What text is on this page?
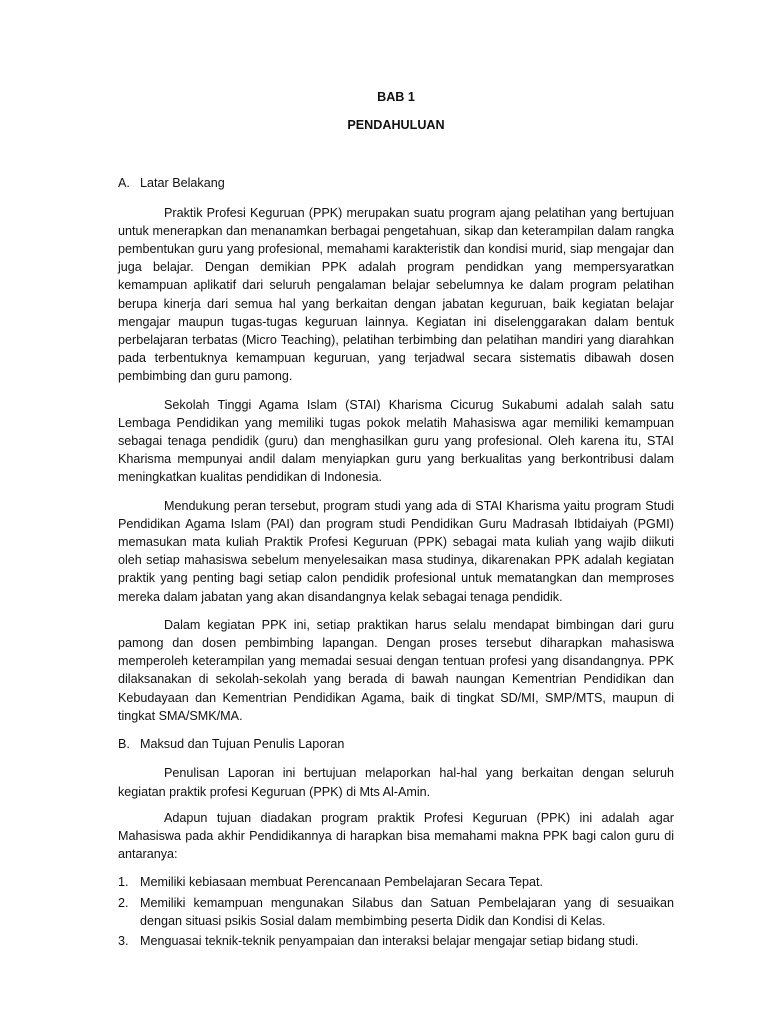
BAB 1

PENDAHULUAN

A. Latar Belakang

Praktik Profesi Keguruan (PPK) merupakan suatu program ajang pelatihan yang bertujuan untuk menerapkan dan menanamkan berbagai pengetahuan, sikap dan keterampilan dalam rangka pembentukan guru yang profesional, memahami karakteristik dan kondisi murid, siap mengajar dan juga belajar. Dengan demikian PPK adalah program pendidkan yang mempersyaratkan kemampuan aplikatif dari seluruh pengalaman belajar sebelumnya ke dalam program pelatihan berupa kinerja dari semua hal yang berkaitan dengan jabatan keguruan, baik kegiatan belajar mengajar maupun tugas-tugas keguruan lainnya. Kegiatan ini diselenggarakan dalam bentuk perbelajaran terbatas (Micro Teaching), pelatihan terbimbing dan pelatihan mandiri yang diarahkan pada terbentuknya kemampuan keguruan, yang terjadwal secara sistematis dibawah dosen pembimbing dan guru pamong.

Sekolah Tinggi Agama Islam (STAI) Kharisma Cicurug Sukabumi adalah salah satu Lembaga Pendidikan yang memiliki tugas pokok melatih Mahasiswa agar memiliki kemampuan sebagai tenaga pendidik (guru) dan menghasilkan guru yang profesional. Oleh karena itu, STAI Kharisma mempunyai andil dalam menyiapkan guru yang berkualitas yang berkontribusi dalam meningkatkan kualitas pendidikan di Indonesia.

Mendukung peran tersebut, program studi yang ada di STAI Kharisma yaitu program Studi Pendidikan Agama Islam (PAI) dan program studi Pendidikan Guru Madrasah Ibtidaiyah (PGMI) memasukan mata kuliah Praktik Profesi Keguruan (PPK) sebagai mata kuliah yang wajib diikuti oleh setiap mahasiswa sebelum menyelesaikan masa studinya, dikarenakan PPK adalah kegiatan praktik yang penting bagi setiap calon pendidik profesional untuk mematangkan dan memproses mereka dalam jabatan yang akan disandangnya kelak sebagai tenaga pendidik.

Dalam kegiatan PPK ini, setiap praktikan harus selalu mendapat bimbingan dari guru pamong dan dosen pembimbing lapangan. Dengan proses tersebut diharapkan mahasiswa memperoleh keterampilan yang memadai sesuai dengan tentuan profesi yang disandangnya. PPK dilaksanakan di sekolah-sekolah yang berada di bawah naungan Kementrian Pendidikan dan Kebudayaan dan Kementrian Pendidikan Agama, baik di tingkat SD/MI, SMP/MTS, maupun di tingkat SMA/SMK/MA.

B. Maksud dan Tujuan Penulis Laporan

Penulisan Laporan ini bertujuan melaporkan hal-hal yang berkaitan dengan seluruh kegiatan praktik profesi Keguruan (PPK) di Mts Al-Amin.

Adapun tujuan diadakan program praktik Profesi Keguruan (PPK) ini adalah agar Mahasiswa pada akhir Pendidikannya di harapkan bisa memahami makna PPK bagi calon guru di antaranya:

1. Memiliki kebiasaan membuat Perencanaan Pembelajaran Secara Tepat.
2. Memiliki kemampuan mengunakan Silabus dan Satuan Pembelajaran yang di sesuaikan dengan situasi psikis Sosial dalam membimbing peserta Didik dan Kondisi di Kelas.
3. Menguasai teknik-teknik penyampaian dan interaksi belajar mengajar setiap bidang studi.
